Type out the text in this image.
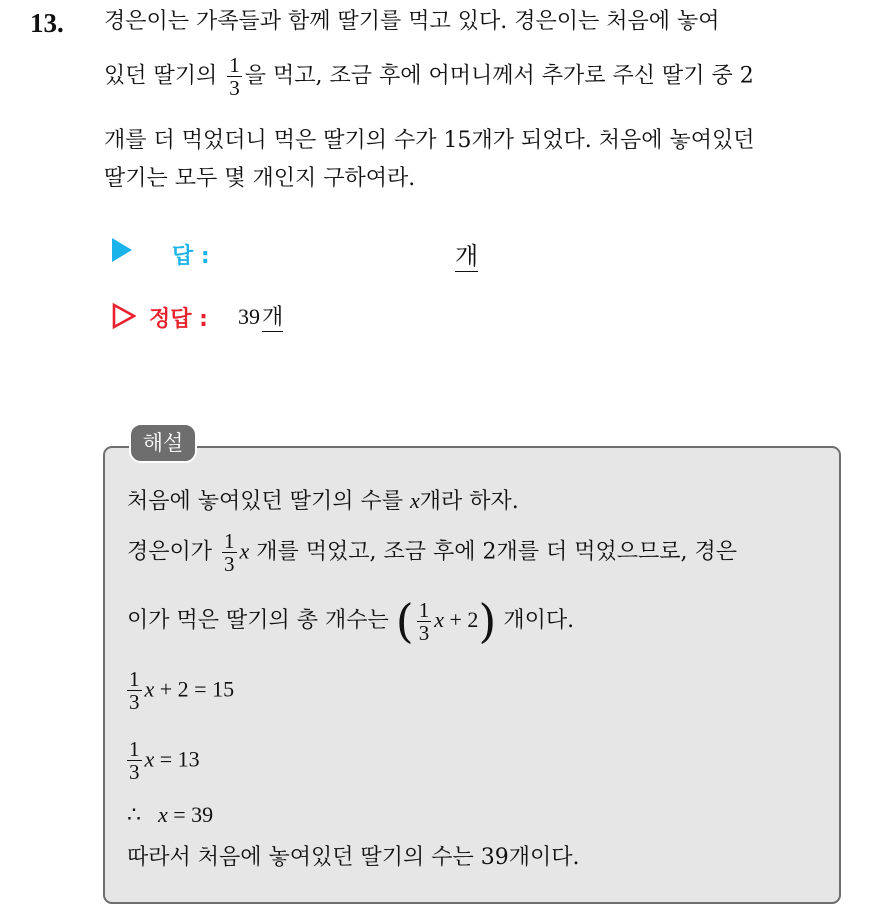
13. 경은이는 가족들과 함께 딸기를 먹고 있다. 경은이는 처음에 놓여
있던 딸기의 $\frac{1}{3}$ 을 먹고, 조금 후에 어머니께서 추가로 주신 딸기 중 2
개를 더 먹었더니 먹은 딸기의 수가 15개가 되었다. 처음에 놓여있던
딸기는 모두 몇 개인지 구하여라.
답 :	개
정답 : 39개
해설
처음에 놓여있던 딸기의 수를 x개라 하자.
경은이가 $\frac{1}{3}$ x 개를 먹었고, 조금 후에 2개를 더 먹었으므로, 경은
이가 먹은 딸기의 총 개수는 ( $\frac{1}{3}$ x + 2) 개이다.
$\frac{1}{3}$ x + 2 = 15
$\frac{1}{3}$ x = 13
∴ x = 39
따라서 처음에 놓여있던 딸기의 수는 39개이다.
